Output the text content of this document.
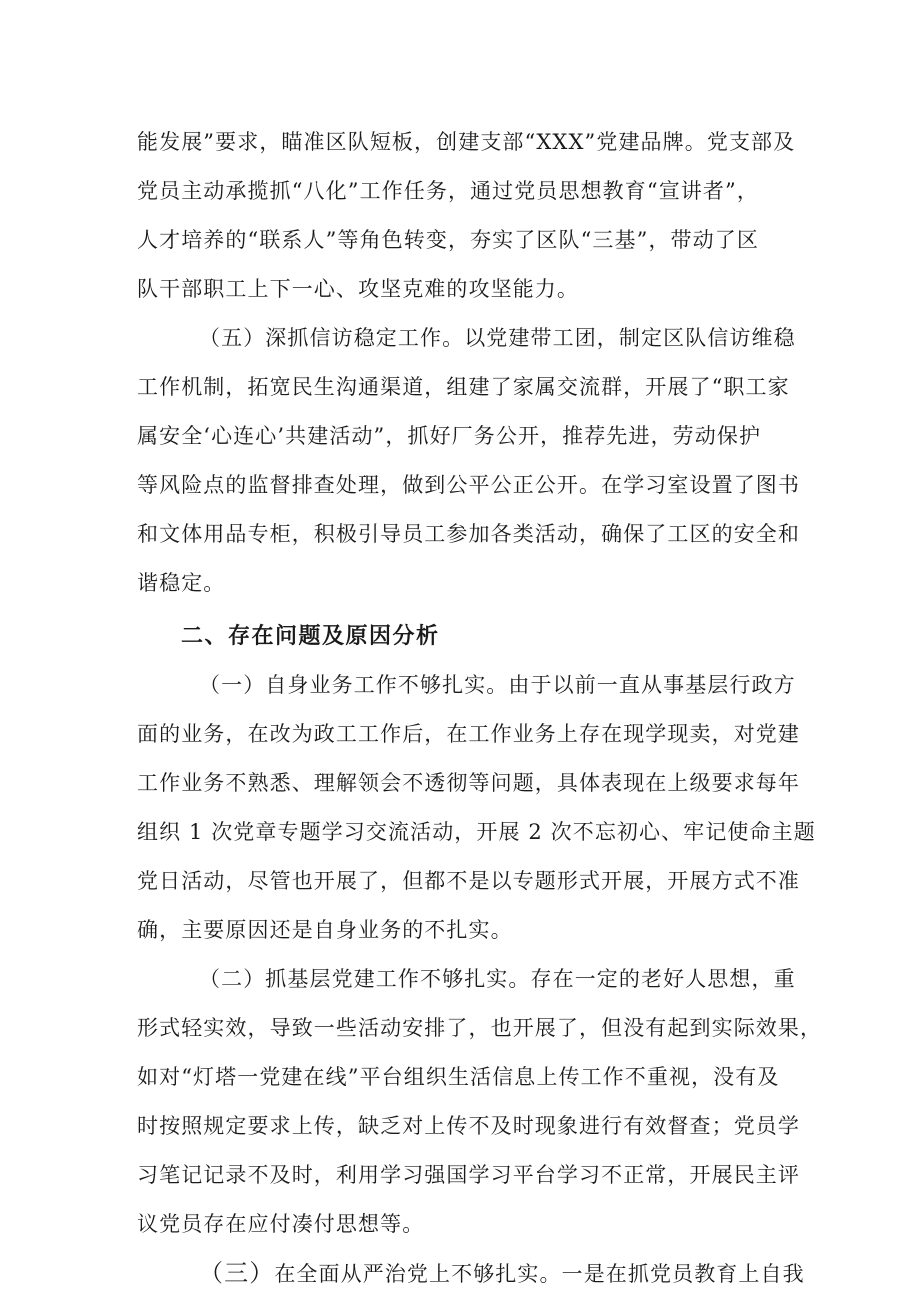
能发展”要求，瞄准区队短板，创建支部“XXX”党建品牌。党支部及
党员主动承揽抓“八化”工作任务，通过党员思想教育“宣讲者”，
人才培养的“联系人”等角色转变，夯实了区队“三基”，带动了区
队干部职工上下一心、攻坚克难的攻坚能力。
（五）深抓信访稳定工作。以党建带工团，制定区队信访维稳
工作机制，拓宽民生沟通渠道，组建了家属交流群，开展了“职工家
属安全‘心连心’共建活动”，抓好厂务公开，推荐先进，劳动保护
等风险点的监督排查处理，做到公平公正公开。在学习室设置了图书
和文体用品专柜，积极引导员工参加各类活动，确保了工区的安全和
谐稳定。
二、存在问题及原因分析
（一）自身业务工作不够扎实。由于以前一直从事基层行政方
面的业务，在改为政工工作后，在工作业务上存在现学现卖，对党建
工作业务不熟悉、理解领会不透彻等问题，具体表现在上级要求每年
组织 1 次党章专题学习交流活动，开展 2 次不忘初心、牢记使命主题
党日活动，尽管也开展了，但都不是以专题形式开展，开展方式不准
确，主要原因还是自身业务的不扎实。
（二）抓基层党建工作不够扎实。存在一定的老好人思想，重
形式轻实效，导致一些活动安排了，也开展了，但没有起到实际效果，
如对“灯塔一党建在线”平台组织生活信息上传工作不重视，没有及
时按照规定要求上传，缺乏对上传不及时现象进行有效督查；党员学
习笔记记录不及时，利用学习强国学习平台学习不正常，开展民主评
议党员存在应付凑付思想等。
（三）在全面从严治党上不够扎实。一是在抓党员教育上自我
